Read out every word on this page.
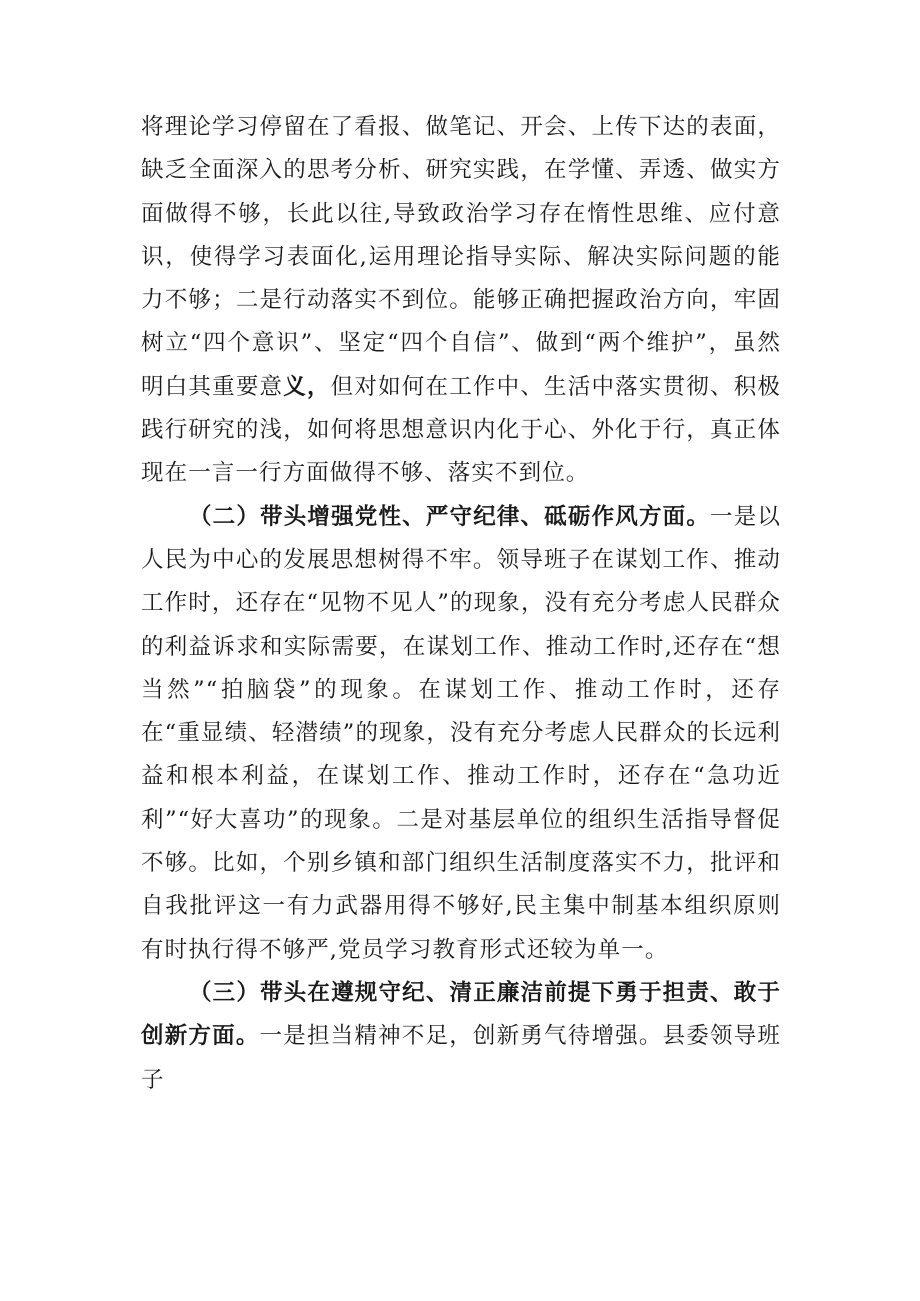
将理论学习停留在了看报、做笔记、开会、上传下达的表面，缺乏全面深入的思考分析、研究实践，在学懂、弄透、做实方面做得不够，长此以往,导致政治学习存在惰性思维、应付意识，使得学习表面化,运用理论指导实际、解决实际问题的能力不够；二是行动落实不到位。能够正确把握政治方向，牢固树立“四个意识”、坚定“四个自信”、做到“两个维护”，虽然明白其重要意义，但对如何在工作中、生活中落实贯彻、积极践行研究的浅，如何将思想意识内化于心、外化于行，真正体现在一言一行方面做得不够、落实不到位。

（二）带头增强党性、严守纪律、砥砺作风方面。一是以人民为中心的发展思想树得不牢。领导班子在谋划工作、推动工作时，还存在“见物不见人”的现象，没有充分考虑人民群众的利益诉求和实际需要，在谋划工作、推动工作时,还存在“想当然”“拍脑袋”的现象。在谋划工作、推动工作时，还存在“重显绩、轻潜绩”的现象，没有充分考虑人民群众的长远利益和根本利益，在谋划工作、推动工作时，还存在“急功近利”“好大喜功”的现象。二是对基层单位的组织生活指导督促不够。比如，个别乡镇和部门组织生活制度落实不力，批评和自我批评这一有力武器用得不够好,民主集中制基本组织原则有时执行得不够严,党员学习教育形式还较为单一。

（三）带头在遵规守纪、清正廉洁前提下勇于担责、敢于创新方面。一是担当精神不足，创新勇气待增强。县委领导班子
